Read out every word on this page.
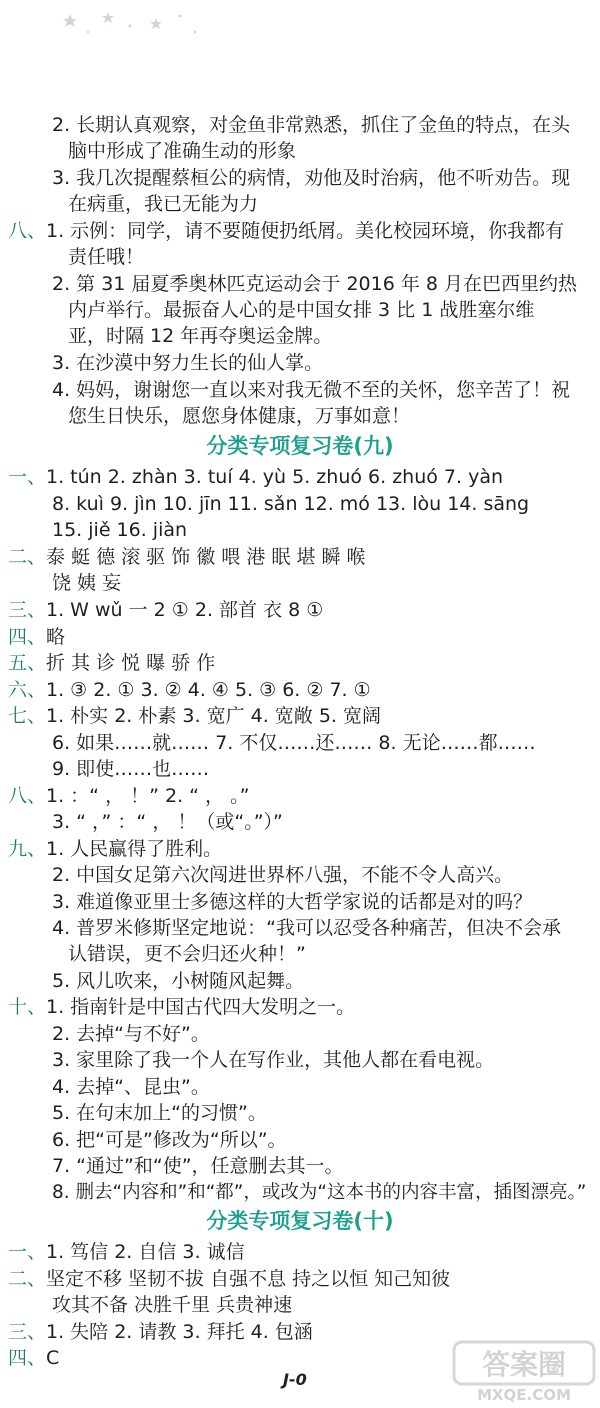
2. 长期认真观察，对金鱼非常熟悉，抓住了金鱼的特点，在头
脑中形成了准确生动的形象
3. 我几次提醒蔡桓公的病情，劝他及时治病，他不听劝告。现
在病重，我已无能为力
八、1. 示例：同学，请不要随便扔纸屑。美化校园环境，你我都有
责任哦！
2. 第 31 届夏季奥林匹克运动会于 2016 年 8 月在巴西里约热
内卢举行。最振奋人心的是中国女排 3 比 1 战胜塞尔维
亚，时隔 12 年再夺奥运金牌。
3. 在沙漠中努力生长的仙人掌。
4. 妈妈，谢谢您一直以来对我无微不至的关怀，您辛苦了！祝
您生日快乐，愿您身体健康，万事如意！
一、1. tún 2. zhàn 3. tuí 4. yù 5. zhuó 6. zhuó 7. yàn
8. kuì 9. jìn 10. jīn 11. sǎn 12. mó 13. lòu 14. sāng
15. jiě 16. jiàn
二、泰 蜓 德 滚 驱 饰 徽 喂 港 眠 堪 瞬 喉
饶 姨 妄
三、1. W wǔ 一 2 ① 2. 部首 衣 8 ①
四、略
五、折 其 诊 悦 曝 骄 作
六、1. ③ 2. ① 3. ② 4. ④ 5. ③ 6. ② 7. ①
七、1. 朴实 2. 朴素 3. 宽广 4. 宽敞 5. 宽阔
6. 如果……就…… 7. 不仅……还…… 8. 无论……都……
9. 即使……也……
八、1. ：“ ， ！” 2. “ ， 。”
3. “ ，” ：“ ， ！（或“。”）”
九、1. 人民赢得了胜利。
2. 中国女足第六次闯进世界杯八强，不能不令人高兴。
3. 难道像亚里士多德这样的大哲学家说的话都是对的吗？
4. 普罗米修斯坚定地说：“我可以忍受各种痛苦，但决不会承
认错误，更不会归还火种！”
5. 风儿吹来，小树随风起舞。
十、1. 指南针是中国古代四大发明之一。
2. 去掉“与不好”。
3. 家里除了我一个人在写作业，其他人都在看电视。
4. 去掉“、昆虫”。
5. 在句末加上“的习惯”。
6. 把“可是”修改为“所以”。
7. “通过”和“使”，任意删去其一。
8. 删去“内容和”和“都”，或改为“这本书的内容丰富，插图漂亮。”
一、1. 笃信 2. 自信 3. 诚信
二、坚定不移 坚韧不拔 自强不息 持之以恒 知己知彼
攻其不备 决胜千里 兵贵神速
三、1. 失陪 2. 请教 3. 拜托 4. 包涵
四、C
分类专项复习卷(九)
分类专项复习卷(十)
J-0	答案圈
MXQE.COM
